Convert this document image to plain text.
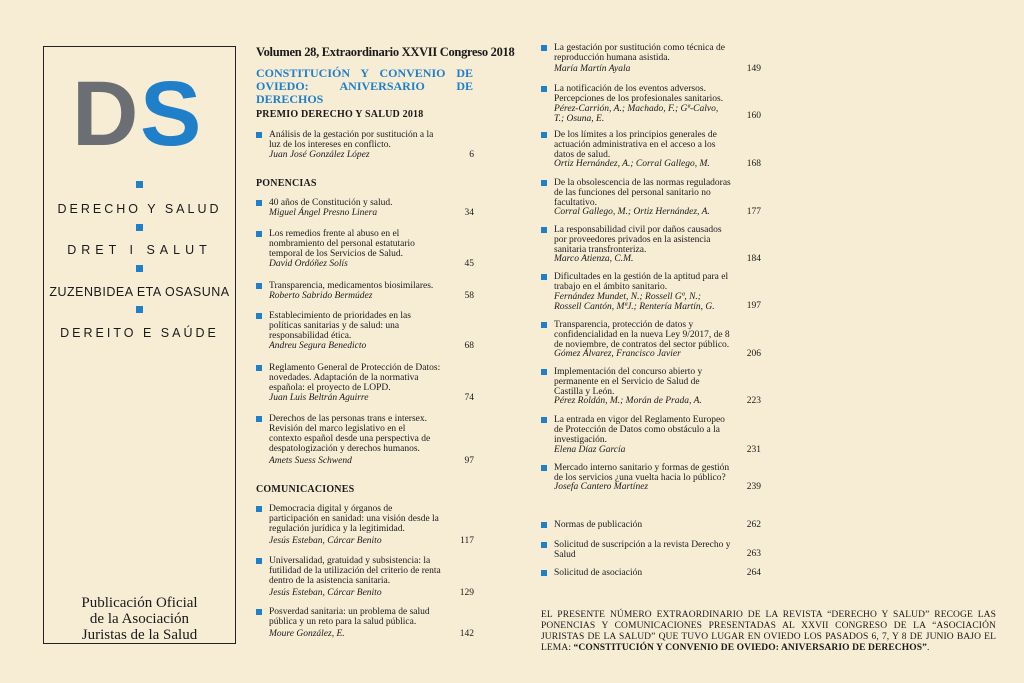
D S
DERECHO Y SALUD
DRET I SALUT
ZUZENBIDEA ETA OSASUNA
DEREITO E SAÚDE
Publicación Oficial
de la Asociación
Juristas de la Salud
Volumen 28, Extraordinario XXVII Congreso 2018
CONSTITUCIÓN Y CONVENIO DE OVIEDO: ANIVERSARIO DE DERECHOS
PREMIO DERECHO Y SALUD 2018
PONENCIAS
COMUNICACIONES
Análisis de la gestación por sustitución a la
luz de los intereses en conflicto.
Juan José González López	6
40 años de Constitución y salud.
Miguel Ángel Presno Linera	34
Los remedios frente al abuso en el
nombramiento del personal estatutario
temporal de los Servicios de Salud.
David Ordóñez Solís	45
Transparencia, medicamentos biosimilares.
Roberto Sabrido Bermúdez	58
Establecimiento de prioridades en las
políticas sanitarias y de salud: una
responsabilidad ética.
Andreu Segura Benedicto	68
Reglamento General de Protección de Datos:
novedades. Adaptación de la normativa
española: el proyecto de LOPD.
Juan Luis Beltrán Aguirre	74
Derechos de las personas trans e intersex.
Revisión del marco legislativo en el
contexto español desde una perspectiva de
despatologización y derechos humanos.
Amets Suess Schwend	97
Democracia digital y órganos de
participación en sanidad: una visión desde la
regulación jurídica y la legitimidad.
Jesús Esteban, Cárcar Benito	117
Universalidad, gratuidad y subsistencia: la
futilidad de la utilización del criterio de renta
dentro de la asistencia sanitaria.
Jesús Esteban, Cárcar Benito	129
Posverdad sanitaria: un problema de salud
pública y un reto para la salud pública.
Moure González, E.	142
La gestación por sustitución como técnica de
reproducción humana asistida.
María Martín Ayala	149
La notificación de los eventos adversos.
Percepciones de los profesionales sanitarios.
Pérez-Carrión, A.; Machado, F.; Gª-Calvo,
T.; Osuna, E.	160
De los límites a los principios generales de
actuación administrativa en el acceso a los
datos de salud.
Ortiz Hernández, A.; Corral Gallego, M.	168
De la obsolescencia de las normas reguladoras
de las funciones del personal sanitario no
facultativo.
Corral Gallego, M.; Ortiz Hernández, A.	177
La responsabilidad civil por daños causados
por proveedores privados en la asistencia
sanitaria transfronteriza.
Marco Atienza, C.M.	184
Dificultades en la gestión de la aptitud para el
trabajo en el ámbito sanitario.
Fernández Mundet, N.; Rossell Gª, N.;
Rossell Cantón, MªJ.; Rentería Martín, G.	197
Transparencia, protección de datos y
confidencialidad en la nueva Ley 9/2017, de 8
de noviembre, de contratos del sector público.
Gómez Álvarez, Francisco Javier	206
Implementación del concurso abierto y
permanente en el Servicio de Salud de
Castilla y León.
Pérez Roldán, M.; Morán de Prada, A.	223
La entrada en vigor del Reglamento Europeo
de Protección de Datos como obstáculo a la
investigación.
Elena Díaz García	231
Mercado interno sanitario y formas de gestión
de los servicios ¿una vuelta hacia lo público?
Josefa Cantero Martínez	239
Normas de publicación	262
Solicitud de suscripción a la revista Derecho y
Salud	263
Solicitud de asociación	264
EL PRESENTE NÚMERO EXTRAORDINARIO DE LA REVISTA “DERECHO Y SALUD” RECOGE LAS PONENCIAS Y COMUNICACIONES PRESENTADAS AL XXVII CONGRESO DE LA “ASOCIACIÓN JURISTAS DE LA SALUD” QUE TUVO LUGAR EN OVIEDO LOS PASADOS 6, 7, Y 8 DE JUNIO BAJO EL LEMA: “CONSTITUCIÓN Y CONVENIO DE OVIEDO: ANIVERSARIO DE DERECHOS”.
